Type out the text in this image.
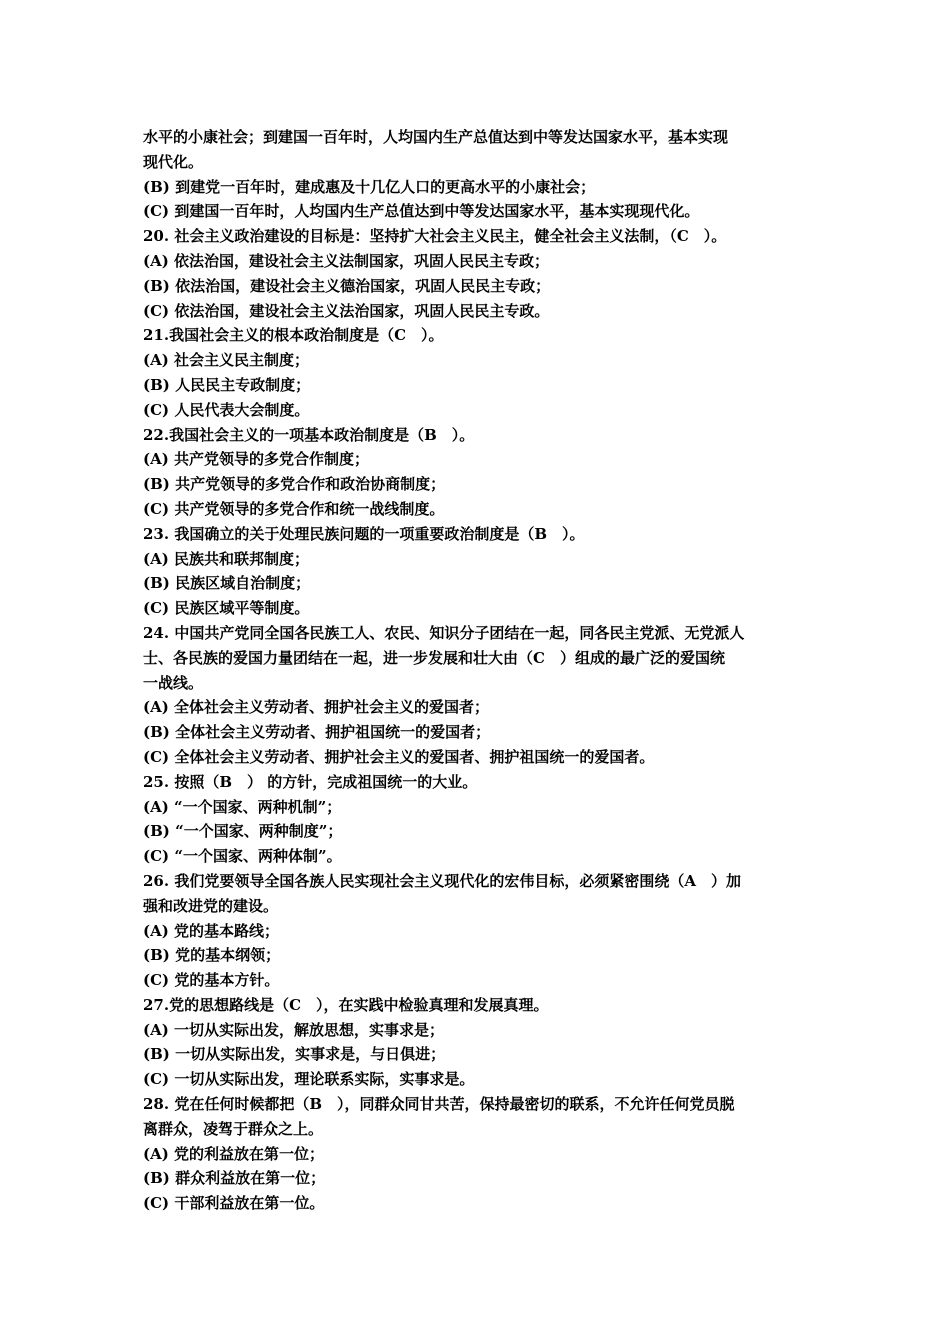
水平的小康社会；到建国一百年时，人均国内生产总值达到中等发达国家水平，基本实现
现代化。
(B) 到建党一百年时，建成惠及十几亿人口的更高水平的小康社会；
(C) 到建国一百年时，人均国内生产总值达到中等发达国家水平，基本实现现代化。
20. 社会主义政治建设的目标是：坚持扩大社会主义民主，健全社会主义法制，（C　）。
(A) 依法治国，建设社会主义法制国家，巩固人民民主专政；
(B) 依法治国，建设社会主义德治国家，巩固人民民主专政；
(C) 依法治国，建设社会主义法治国家，巩固人民民主专政。
21.我国社会主义的根本政治制度是（C　）。
(A) 社会主义民主制度；
(B) 人民民主专政制度；
(C) 人民代表大会制度。
22.我国社会主义的一项基本政治制度是（B　）。
(A) 共产党领导的多党合作制度；
(B) 共产党领导的多党合作和政治协商制度；
(C) 共产党领导的多党合作和统一战线制度。
23. 我国确立的关于处理民族问题的一项重要政治制度是（B　）。
(A) 民族共和联邦制度；
(B) 民族区域自治制度；
(C) 民族区域平等制度。
24. 中国共产党同全国各民族工人、农民、知识分子团结在一起，同各民主党派、无党派人
士、各民族的爱国力量团结在一起，进一步发展和壮大由（C　）组成的最广泛的爱国统
一战线。
(A) 全体社会主义劳动者、拥护社会主义的爱国者；
(B) 全体社会主义劳动者、拥护祖国统一的爱国者；
(C) 全体社会主义劳动者、拥护社会主义的爱国者、拥护祖国统一的爱国者。
25. 按照（B　） 的方针，完成祖国统一的大业。
(A) “一个国家、两种机制”；
(B) “一个国家、两种制度”；
(C) “一个国家、两种体制”。
26. 我们党要领导全国各族人民实现社会主义现代化的宏伟目标，必须紧密围绕（A　）加
强和改进党的建设。
(A) 党的基本路线；
(B) 党的基本纲领；
(C) 党的基本方针。
27.党的思想路线是（C　），在实践中检验真理和发展真理。
(A) 一切从实际出发，解放思想，实事求是；
(B) 一切从实际出发，实事求是，与日俱进；
(C) 一切从实际出发，理论联系实际，实事求是。
28. 党在任何时候都把（B　），同群众同甘共苦，保持最密切的联系，不允许任何党员脱
离群众，凌驾于群众之上。
(A) 党的利益放在第一位；
(B) 群众利益放在第一位；
(C) 干部利益放在第一位。
